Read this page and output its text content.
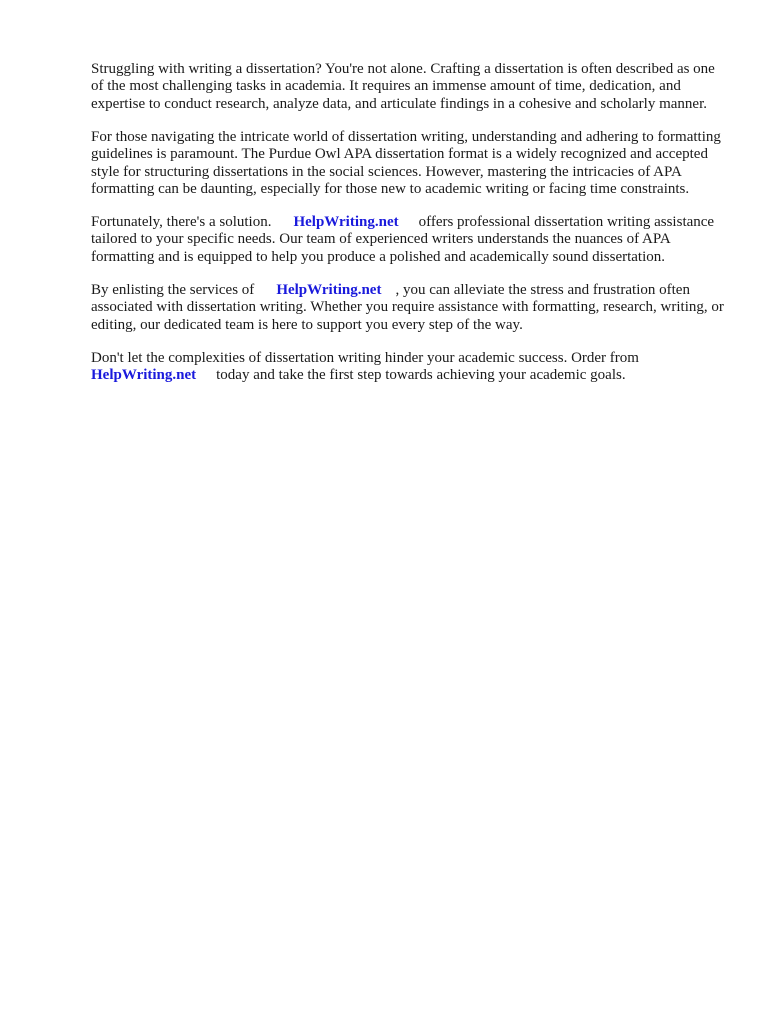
Struggling with writing a dissertation? You're not alone. Crafting a dissertation is often described as one of the most challenging tasks in academia. It requires an immense amount of time, dedication, and expertise to conduct research, analyze data, and articulate findings in a cohesive and scholarly manner.

For those navigating the intricate world of dissertation writing, understanding and adhering to formatting guidelines is paramount. The Purdue Owl APA dissertation format is a widely recognized and accepted style for structuring dissertations in the social sciences. However, mastering the intricacies of APA formatting can be daunting, especially for those new to academic writing or facing time constraints.

Fortunately, there's a solution. HelpWriting.net offers professional dissertation writing assistance tailored to your specific needs. Our team of experienced writers understands the nuances of APA formatting and is equipped to help you produce a polished and academically sound dissertation.

By enlisting the services of HelpWriting.net , you can alleviate the stress and frustration often associated with dissertation writing. Whether you require assistance with formatting, research, writing, or editing, our dedicated team is here to support you every step of the way.

Don't let the complexities of dissertation writing hinder your academic success. Order from HelpWriting.net today and take the first step towards achieving your academic goals.
